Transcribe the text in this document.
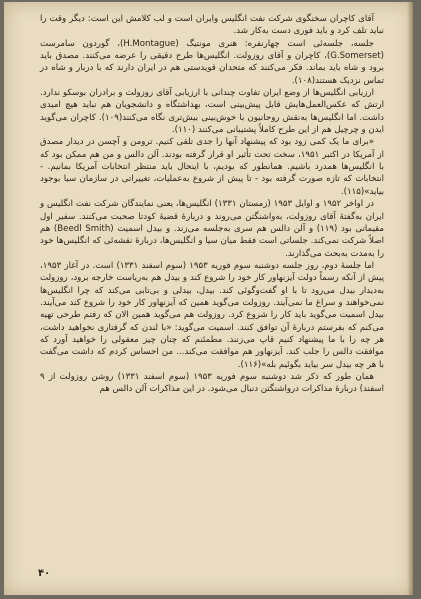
آقای کاچران سخنگوی شرکت نفت انگلیس وایران است و لب کلامش این است: دیگر وقت را نباید تلف کرد و باید فوری دست به‌کار شد.

جلسه، جلسه‌ئی است چهارنفره: هنری مونتیگ (H.Montague)، گوردون سامرست (G.Somerset)، کاچران و آقای روزولت. انگلیس‌ها طرح دقیقی را عرضه می‌کنند. مصدق باید برود و شاه باید بماند. فکر می‌کنند که متحدان قویدستی هم در ایران دارند که با دربار و شاه در تماس نزدیک هستند(۱۰۸).

ارزیابی انگلیس‌ها از وضع ایران تفاوت چندانی با ارزیابی آقای روزولت و برادران بوسکو ندارد. ارتش که عکس‌العمل‌هایش قابل پیش‌بینی است، بهداشتگاه و دانشجویان هم نباید هیچ امیدی داشت. اما انگلیس‌ها به‌نقش روحانیون با خوش‌بینی بیش‌تری نگاه می‌کنند(۱۰۹). کاچران می‌گوید ایدن و چرچیل هم از این طرح کاملاً پشتیبانی می‌کنند (۱۱۰).

«برای ما یک کمی زود بود که پیشنهاد آنها را جدی تلقی کنیم. ترومن و آچسن در دیدار مصدق از آمریکا در اکتبر ۱۹۵۱، سخت تحت تأثیر او قرار گرفته بودند. آلن دالس و من هم ممکن بود که با انگلیس‌ها همدرد باشیم. همانطور که بودیم، با اینحال باید منتظر انتخابات آمریکا بمانیم. - انتخابات که تازه صورت گرفته بود - تا پیش از شروع به‌عملیات، تغییراتی در سازمان سیا بوجود بیاید»(۱۱۵).

در اواخر ۱۹۵۲ و اوایل ۱۹۵۳ (زمستان ۱۳۳۱) انگلیس‌ها، یعنی نمایندگان شرکت نفت انگلیس و ایران به‌گفتهٔ آقای روزولت، به‌واشنگتن می‌روند و دربارهٔ قضیهٔ کودتا صحبت می‌کنند. سفیر اول مقیماتی بود (۱۱۹) و آلن دالس هم سری به‌جلسه می‌زند. و بیدل اسمیت (Beedl Smith) هم اصلاً شرکت نمی‌کند. جلساتی است فقط میان سیا و انگلیس‌ها، دربارهٔ نقشه‌ئی که انگلیس‌ها خود را به‌مدت به‌بحث می‌گذارند.

اما جلسهٔ دوم، روز جلسه دوشنبه سوم فوریه ۱۹۵۳ (سوم اسفند ۱۳۳۱) است. در آغاز ۱۹۵۳، پیش از آنکه رسماً دولت آیزنهاور کار خود را شروع کند و بیدل هم به‌ریاست خارجه برود، روزولت به‌دیدار بیدل می‌رود تا با او گفت‌وگوئی کند. بیدل، بیدلی و بی‌تابی می‌کند که چرا انگلیس‌ها نمی‌خواهند و سراغ ما نمی‌آیند. روزولت می‌گوید همین که آیزنهاور کار خود را شروع کند می‌آیند. بیدل اسمیت می‌گوید باید کار را شروع کرد. روزولت هم می‌گوید همین الان که رفتم طرحی تهیه می‌کنم که بفرستم دربارهٔ آن توافق کنند. اسمیت می‌گوید: «با لندن که گرفتاری نخواهید داشت، هر چه را با ما پیشنهاد کنیم قاپ می‌زنند. مطمئنم که چنان چیز معقولی را خواهید آورد که موافقت دالس را جلب کند. آیزنهاور هم موافقت می‌کند... من احساس کردم که داشت می‌گفت با هر چه بیدل سر بیاید بگوئیم بله»(۱۱۶).

همان طور که ذکر شد دوشنبه سوم فوریه ۱۹۵۳ (سوم اسفند ۱۳۳۱) روشن روزولت از ۹ اسفند) دربارهٔ مذاکرات درواشنگتن دنبال می‌شود. در این مذاکرات آلن دالس هم

۴۰
